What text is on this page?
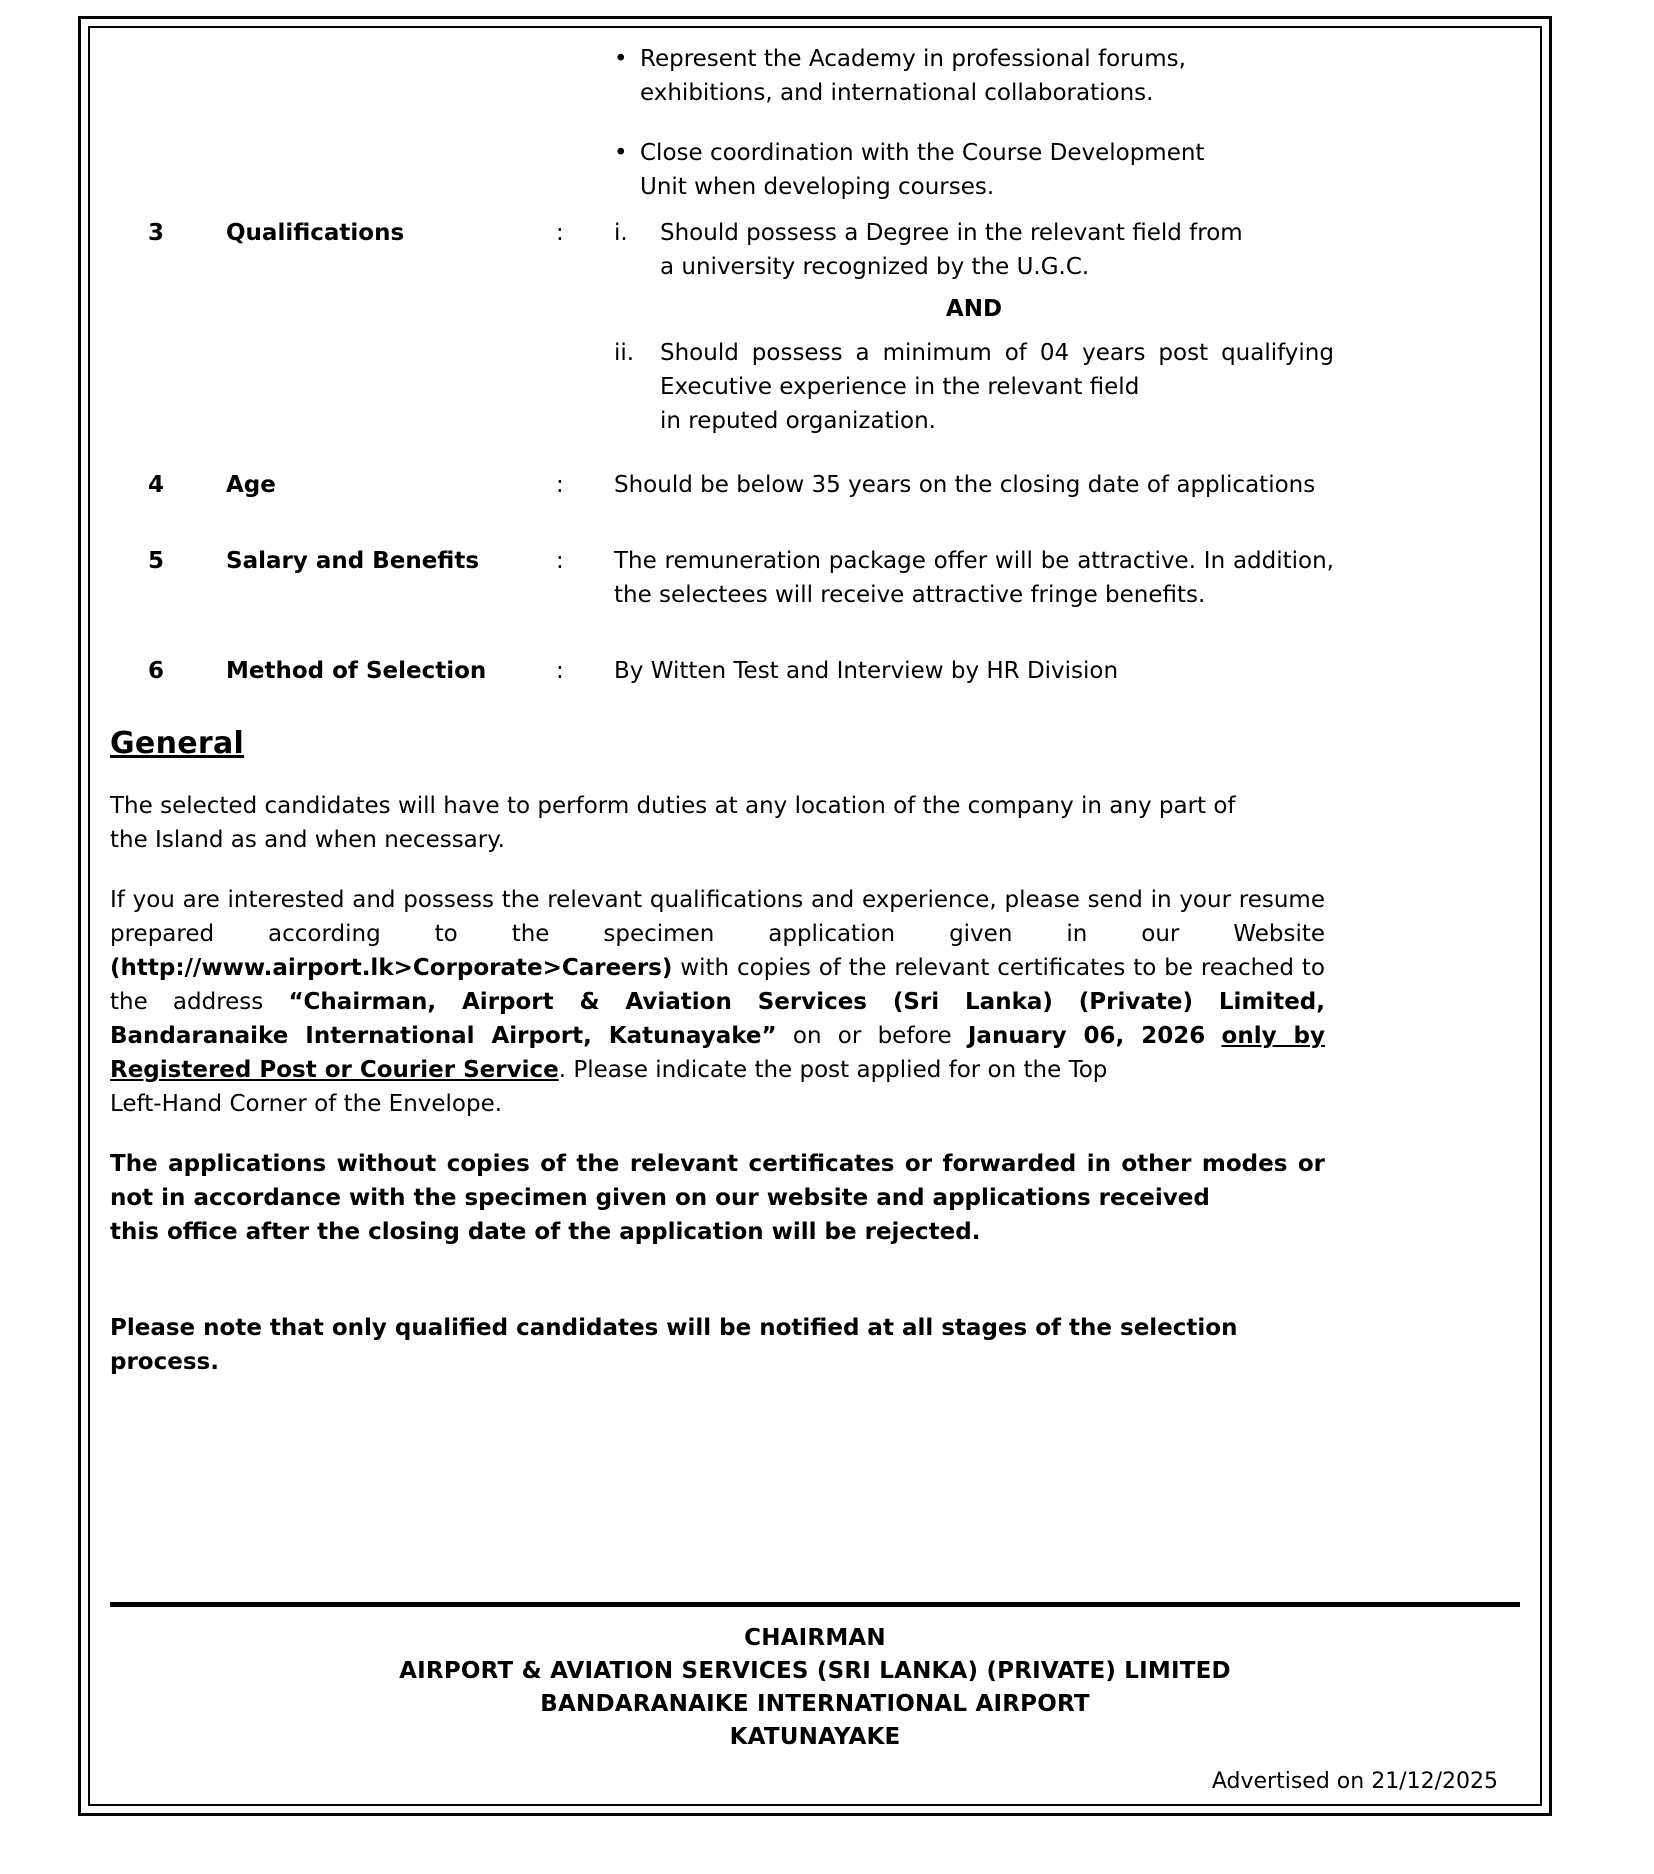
• Represent the Academy in professional forums,
exhibitions, and international collaborations.
• Close coordination with the Course Development
Unit when developing courses.
3	Qualifications	:	i.	Should possess a Degree in the relevant field from
a university recognized by the U.G.C.
AND
ii.	Should possess a minimum of 04 years post qualifying Executive experience in the relevant field
in reputed organization.
4	Age	:	Should be below 35 years on the closing date of applications
5	Salary and Benefits	:	The remuneration package offer will be attractive. In addition, the selectees will receive attractive fringe benefits.
6	Method of Selection	:	By Witten Test and Interview by HR Division
General

The selected candidates will have to perform duties at any location of the company in any part of
the Island as and when necessary.

If you are interested and possess the relevant qualifications and experience, please send in your resume prepared according to the specimen application given in our Website (http://www.airport.lk>Corporate>Careers) with copies of the relevant certificates to be reached to the address “Chairman, Airport & Aviation Services (Sri Lanka) (Private) Limited, Bandaranaike International Airport, Katunayake” on or before January 06, 2026 only by Registered Post or Courier Service. Please indicate the post applied for on the Top
Left-Hand Corner of the Envelope.

The applications without copies of the relevant certificates or forwarded in other modes or not in accordance with the specimen given on our website and applications received
this office after the closing date of the application will be rejected.

Please note that only qualified candidates will be notified at all stages of the selection
process.

CHAIRMAN
AIRPORT & AVIATION SERVICES (SRI LANKA) (PRIVATE) LIMITED
BANDARANAIKE INTERNATIONAL AIRPORT
KATUNAYAKE
Advertised on 21/12/2025
